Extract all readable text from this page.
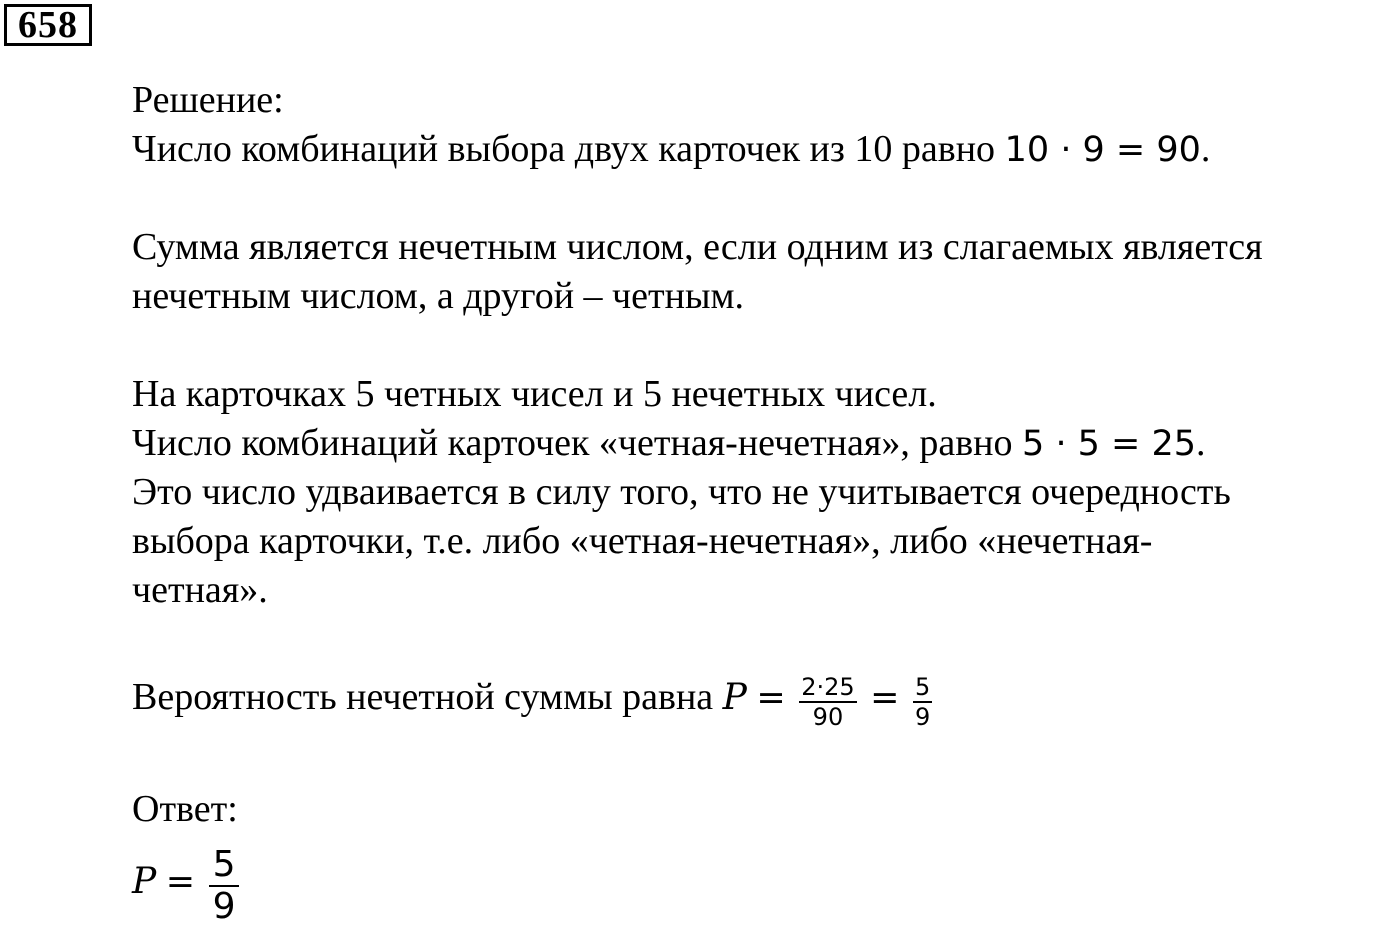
658
Решение:
Число комбинаций выбора двух карточек из 10 равно 10 ⋅ 9 = 90.
Сумма является нечетным числом, если одним из слагаемых является
нечетным числом, а другой – четным.
На карточках 5 четных чисел и 5 нечетных чисел.
Число комбинаций карточек «четная-нечетная», равно 5 ⋅ 5 = 25.
Это число удваивается в силу того, что не учитывается очередность
выбора карточки, т.е. либо «четная-нечетная», либо «нечетная-
четная».
Вероятность нечетной суммы равна $P = \frac{2\cdot 25}{90} = \frac{5}{9}$
Ответ:
$P = \frac{5}{9}$
